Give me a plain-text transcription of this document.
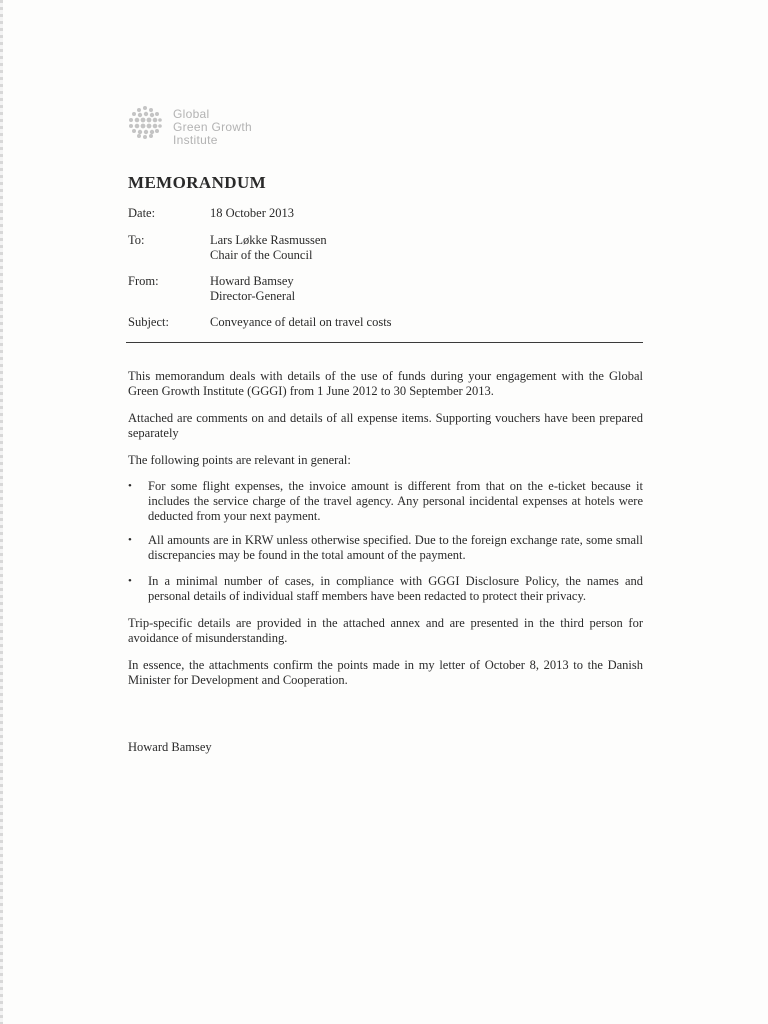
Global
Green Growth
Institute
MEMORANDUM
Date:	18 October 2013
To:	Lars Løkke Rasmussen
Chair of the Council
From:	Howard Bamsey
Director-General
Subject:	Conveyance of detail on travel costs
This memorandum deals with details of the use of funds during your engagement with the Global Green Growth Institute (GGGI) from 1 June 2012 to 30 September 2013.
Attached are comments on and details of all expense items. Supporting vouchers have been prepared separately
The following points are relevant in general:
•	For some flight expenses, the invoice amount is different from that on the e-ticket because it includes the service charge of the travel agency. Any personal incidental expenses at hotels were deducted from your next payment.
•	All amounts are in KRW unless otherwise specified. Due to the foreign exchange rate, some small discrepancies may be found in the total amount of the payment.
•	In a minimal number of cases, in compliance with GGGI Disclosure Policy, the names and personal details of individual staff members have been redacted to protect their privacy.
Trip-specific details are provided in the attached annex and are presented in the third person for avoidance of misunderstanding.
In essence, the attachments confirm the points made in my letter of October 8, 2013 to the Danish Minister for Development and Cooperation.
Howard Bamsey
